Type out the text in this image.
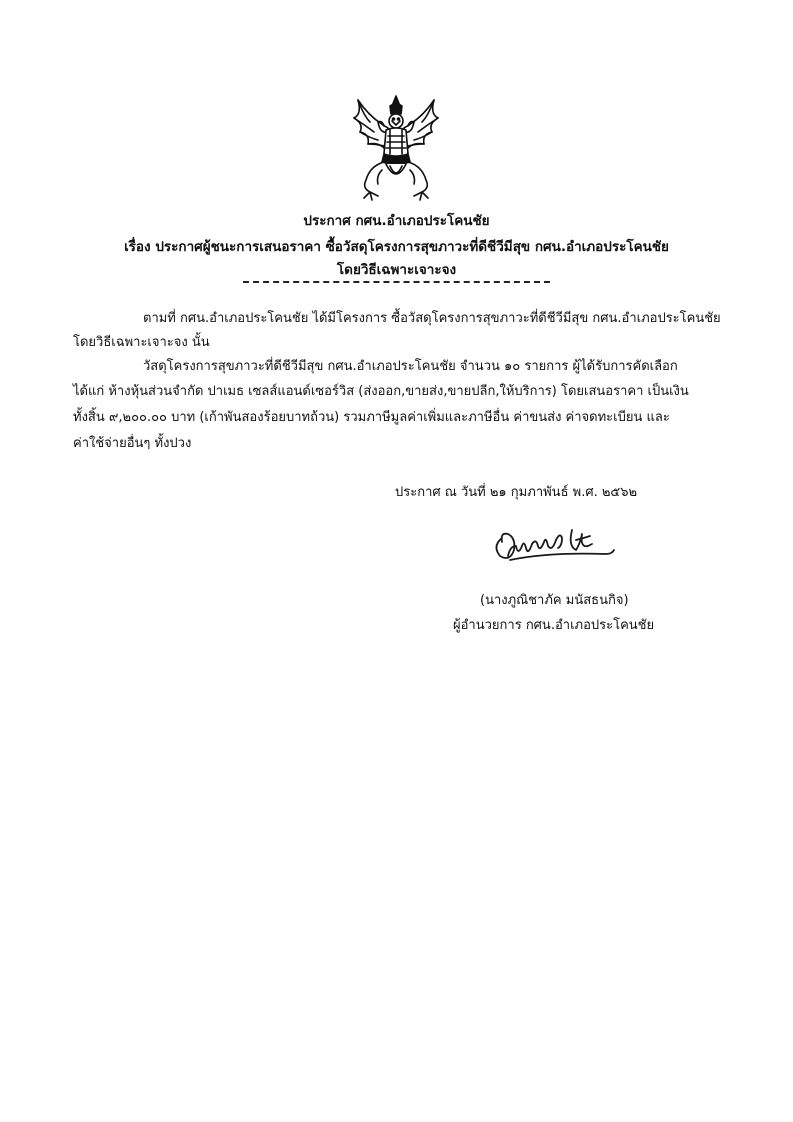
ประกาศ กศน.อำเภอประโคนชัย
เรื่อง ประกาศผู้ชนะการเสนอราคา ซื้อวัสดุโครงการสุขภาวะที่ดีชีวีมีสุข กศน.อำเภอประโคนชัย
โดยวิธีเฉพาะเจาะจง
ตามที่ กศน.อำเภอประโคนชัย ได้มีโครงการ ซื้อวัสดุโครงการสุขภาวะที่ดีชีวีมีสุข กศน.อำเภอประโคนชัย
โดยวิธีเฉพาะเจาะจง นั้น
วัสดุโครงการสุขภาวะที่ดีชีวีมีสุข กศน.อำเภอประโคนชัย จำนวน ๑๐ รายการ ผู้ได้รับการคัดเลือก
ได้แก่ ห้างหุ้นส่วนจำกัด ปาเมธ เซลส์แอนด์เซอร์วิส (ส่งออก,ขายส่ง,ขายปลีก,ให้บริการ) โดยเสนอราคา เป็นเงิน
ทั้งสิ้น ๙,๒๐๐.๐๐ บาท (เก้าพันสองร้อยบาทถ้วน) รวมภาษีมูลค่าเพิ่มและภาษีอื่น ค่าขนส่ง ค่าจดทะเบียน และ
ค่าใช้จ่ายอื่นๆ ทั้งปวง
ประกาศ ณ วันที่ ๒๑ กุมภาพันธ์ พ.ศ. ๒๕๖๒
(นางภูณิชาภัค มนัสธนกิจ)
ผู้อำนวยการ กศน.อำเภอประโคนชัย
